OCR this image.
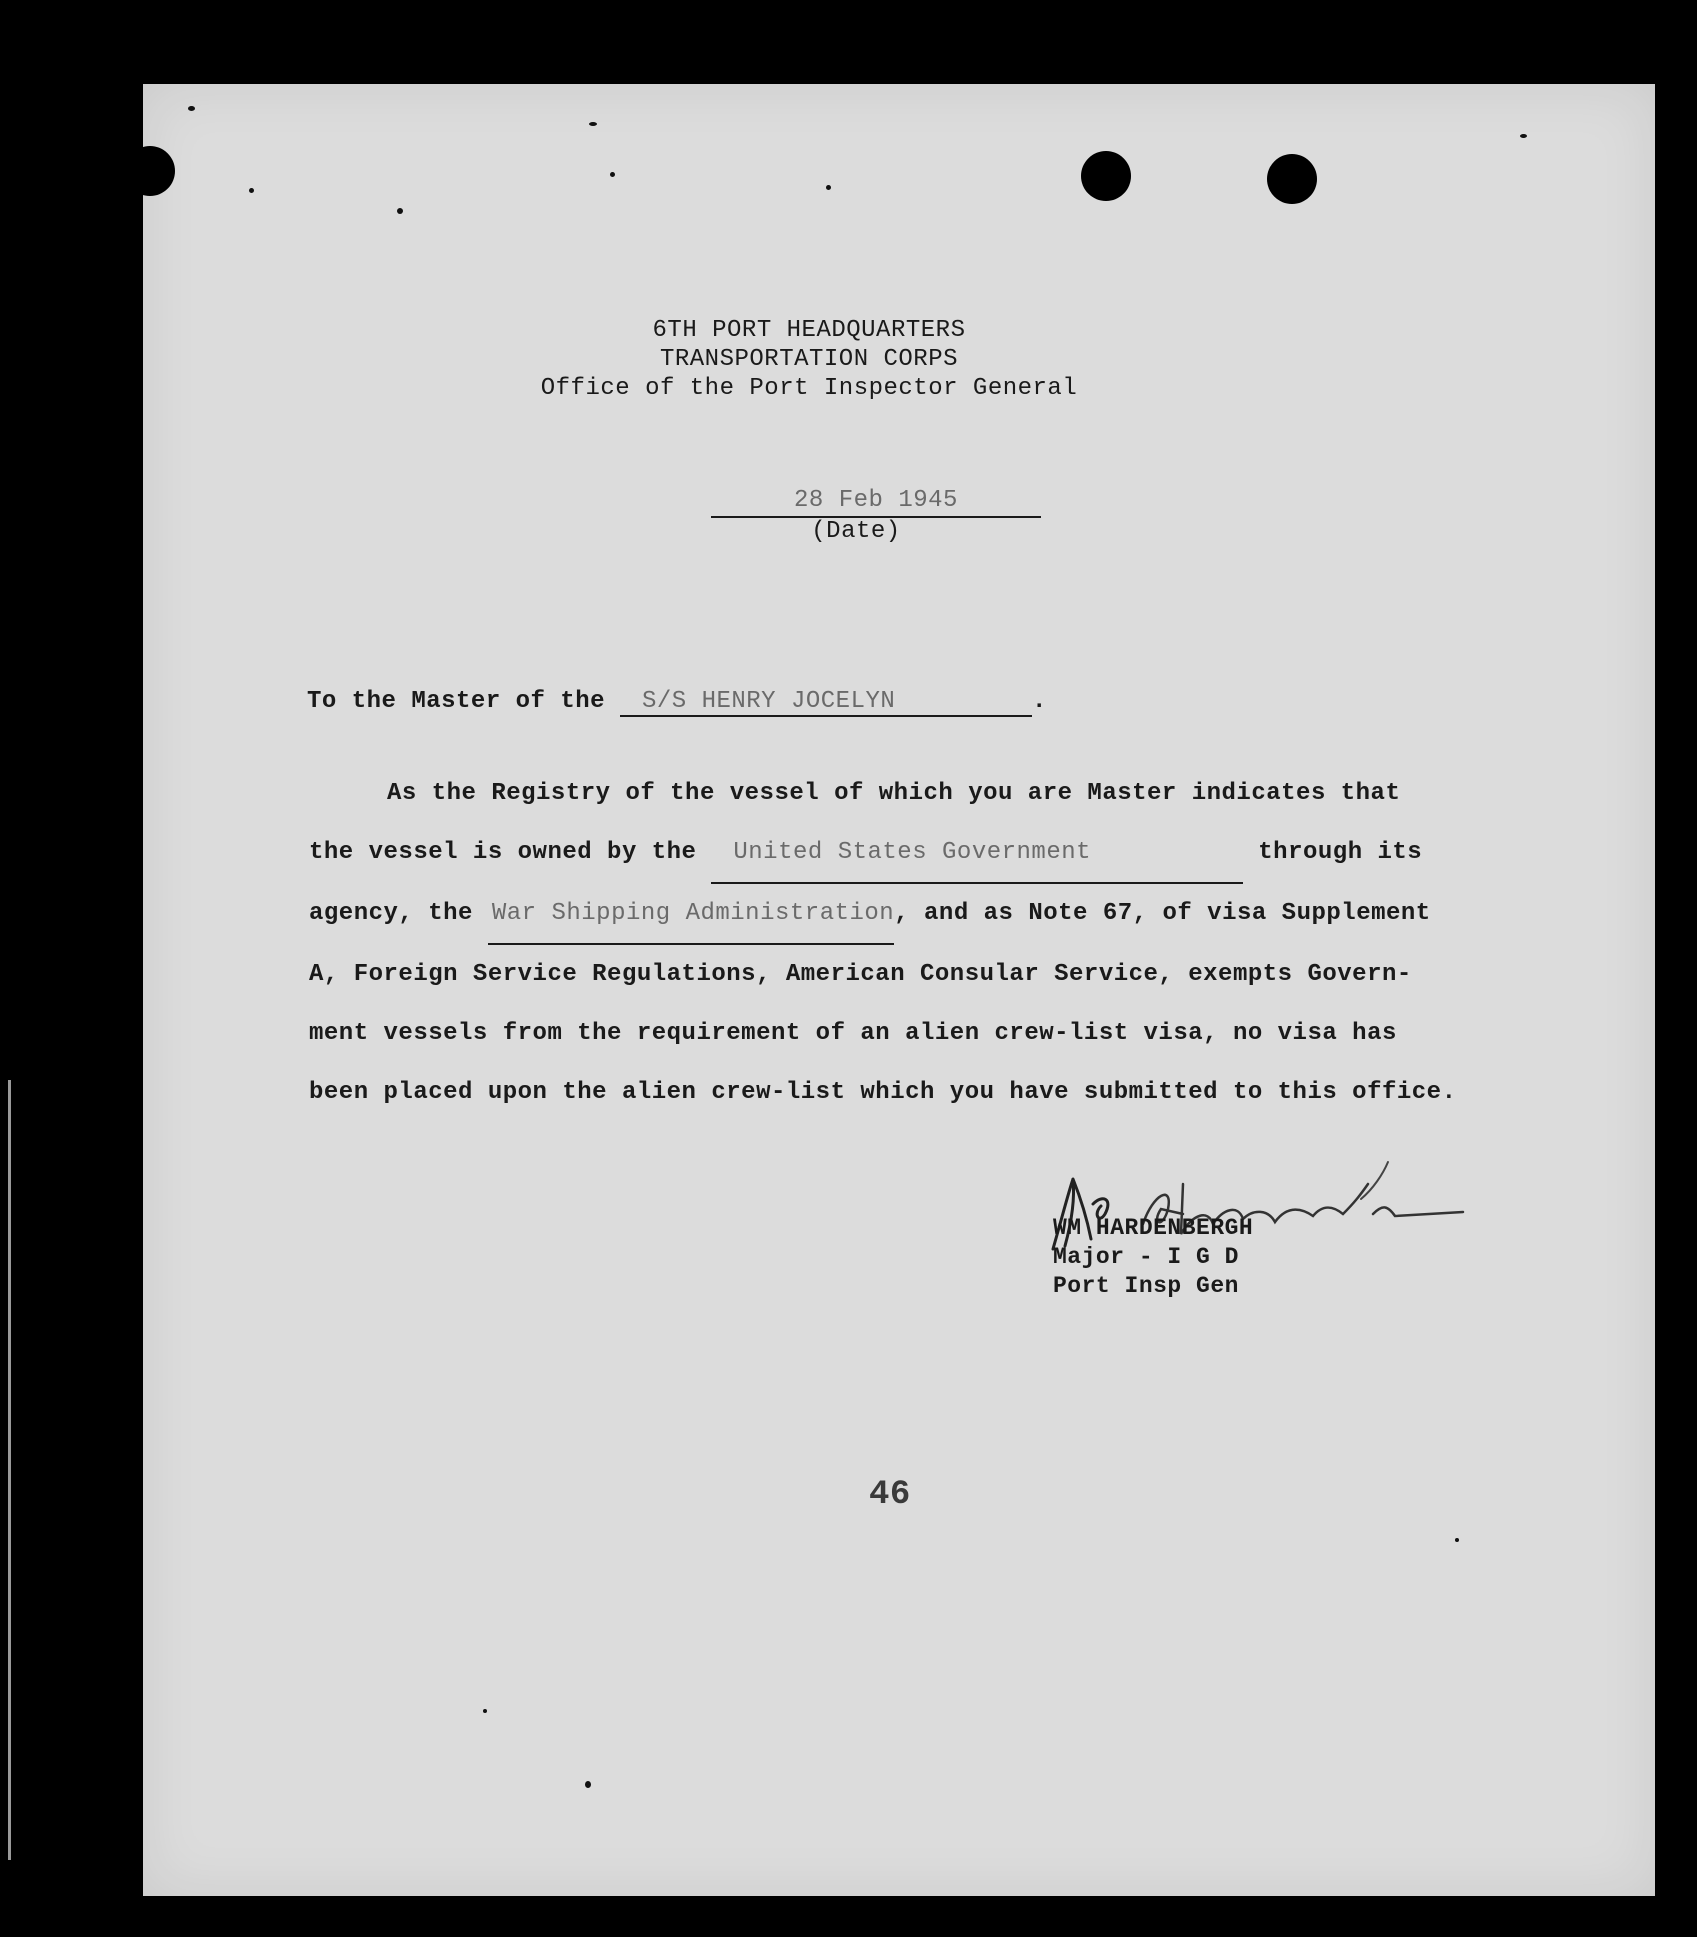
6TH PORT HEADQUARTERS
TRANSPORTATION CORPS
Office of the Port Inspector General
28 Feb 1945
(Date)
To the Master of the S/S HENRY JOCELYN	.
As the Registry of the vessel of which you are Master indicates that
the vessel is owned by the United States Government	through its
agency, the War Shipping Administration, and as Note 67, of visa Supplement
A, Foreign Service Regulations, American Consular Service, exempts Govern-
ment vessels from the requirement of an alien crew-list visa, no visa has
been placed upon the alien crew-list which you have submitted to this office.
WM HARDENBERGH
Major - I G D
Port Insp Gen
46
